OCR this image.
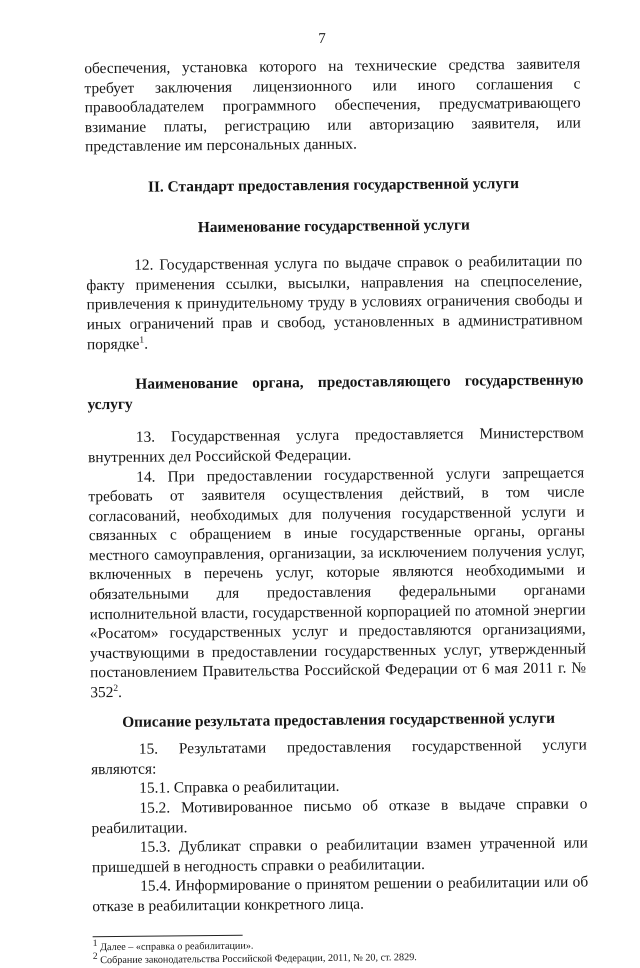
7

обеспечения, установка которого на технические средства заявителя требует заключения лицензионного или иного соглашения с правообладателем программного обеспечения, предусматривающего взимание платы, регистрацию или авторизацию заявителя, или представление им персональных данных.

II. Стандарт предоставления государственной услуги
Наименование государственной услуги

12. Государственная услуга по выдаче справок о реабилитации по факту применения ссылки, высылки, направления на спецпоселение, привлечения к принудительному труду в условиях ограничения свободы и иных ограничений прав и свобод, установленных в административном порядке$^1$.

Наименование органа, предоставляющего государственную услугу

13. Государственная услуга предоставляется Министерством внутренних дел Российской Федерации.

14. При предоставлении государственной услуги запрещается требовать от заявителя осуществления действий, в том числе согласований, необходимых для получения государственной услуги и связанных с обращением в иные государственные органы, органы местного самоуправления, организации, за исключением получения услуг, включенных в перечень услуг, которые являются необходимыми и обязательными для предоставления федеральными органами исполнительной власти, государственной корпорацией по атомной энергии «Росатом» государственных услуг и предоставляются организациями, участвующими в предоставлении государственных услуг, утвержденный постановлением Правительства Российской Федерации от 6 мая 2011 г. № $352^2$.

Описание результата предоставления государственной услуги

15. Результатами предоставления государственной услуги являются:

15.1. Справка о реабилитации.

15.2. Мотивированное письмо об отказе в выдаче справки о реабилитации.

15.3. Дубликат справки о реабилитации взамен утраченной или пришедшей в негодность справки о реабилитации.

15.4. Информирование о принятом решении о реабилитации или об отказе в реабилитации конкретного лица.

$^1$ Далее – «справка о реабилитации».

$^2$ Собрание законодательства Российской Федерации, 2011, № 20, ст. 2829.
